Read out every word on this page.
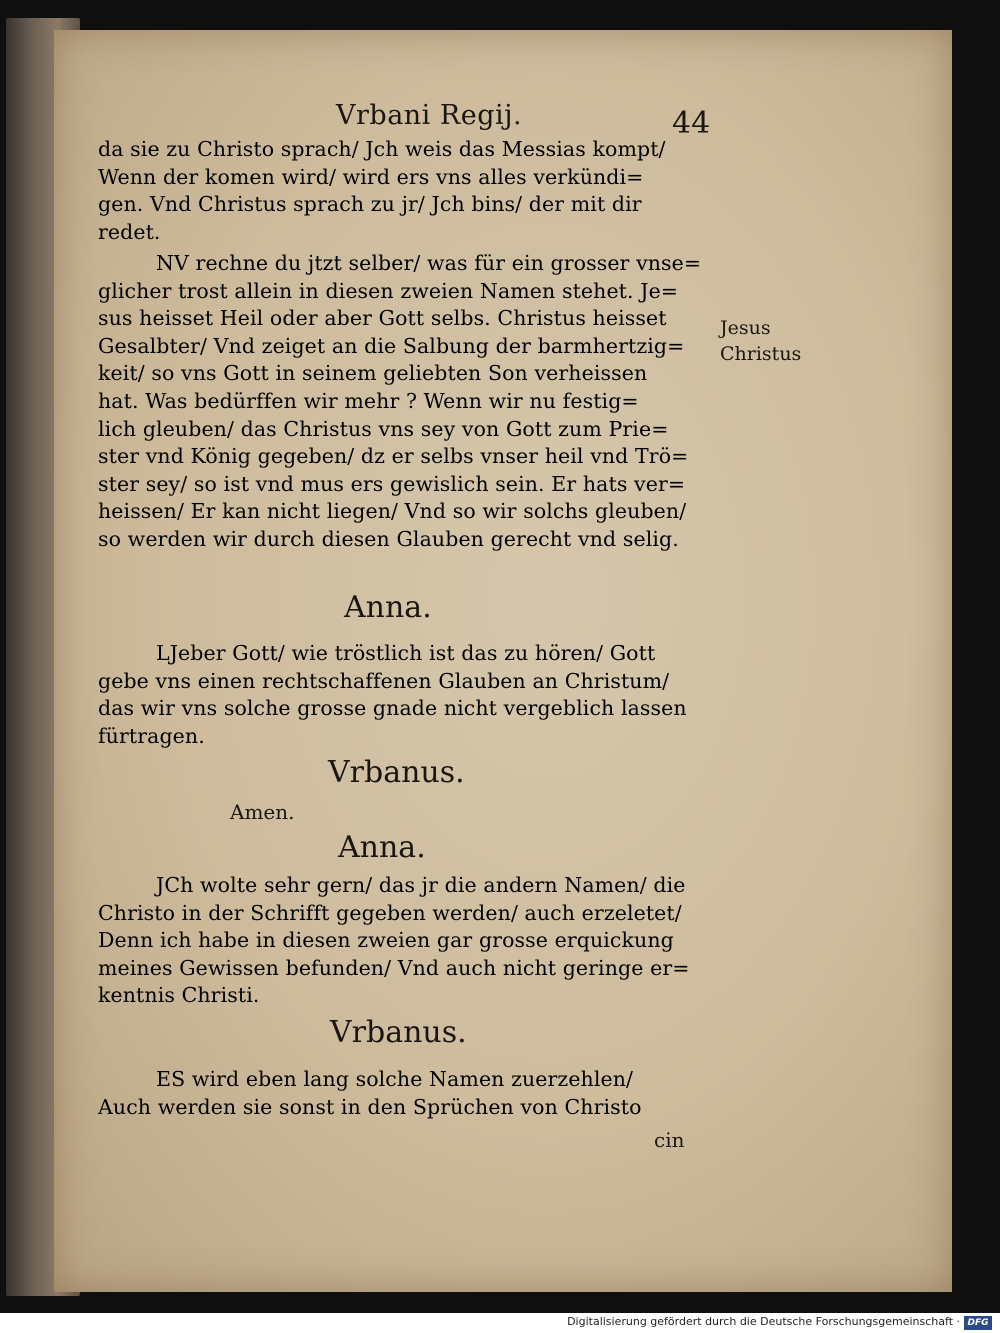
Vrbani Regij.	44
da sie zu Christo sprach/ Jch weis das Messias kompt/
Wenn der komen wird/ wird ers vns alles verkündi=
gen. Vnd Christus sprach zu jr/ Jch bins/ der mit dir
redet.
NV rechne du jtzt selber/ was für ein grosser vnse=
glicher trost allein in diesen zweien Namen stehet. Je=
sus heisset Heil oder aber Gott selbs. Christus heisset
Gesalbter/ Vnd zeiget an die Salbung der barmhertzig=
keit/ so vns Gott in seinem geliebten Son verheissen
hat. Was bedürffen wir mehr ? Wenn wir nu festig=
lich gleuben/ das Christus vns sey von Gott zum Prie=
ster vnd König gegeben/ dz er selbs vnser heil vnd Trö=
ster sey/ so ist vnd mus ers gewislich sein. Er hats ver=
heissen/ Er kan nicht liegen/ Vnd so wir solchs gleuben/
so werden wir durch diesen Glauben gerecht vnd selig.
Jesus
Christus
Anna.
LJeber Gott/ wie tröstlich ist das zu hören/ Gott
gebe vns einen rechtschaffenen Glauben an Christum/
das wir vns solche grosse gnade nicht vergeblich lassen
fürtragen.
Vrbanus.
Amen.
Anna.
JCh wolte sehr gern/ das jr die andern Namen/ die
Christo in der Schrifft gegeben werden/ auch erzeletet/
Denn ich habe in diesen zweien gar grosse erquickung
meines Gewissen befunden/ Vnd auch nicht geringe er=
kentnis Christi.
Vrbanus.
ES wird eben lang solche Namen zuerzehlen/
Auch werden sie sonst in den Sprüchen von Christo
cin
Digitalisierung gefördert durch die Deutsche Forschungsgemeinschaft · DFG
